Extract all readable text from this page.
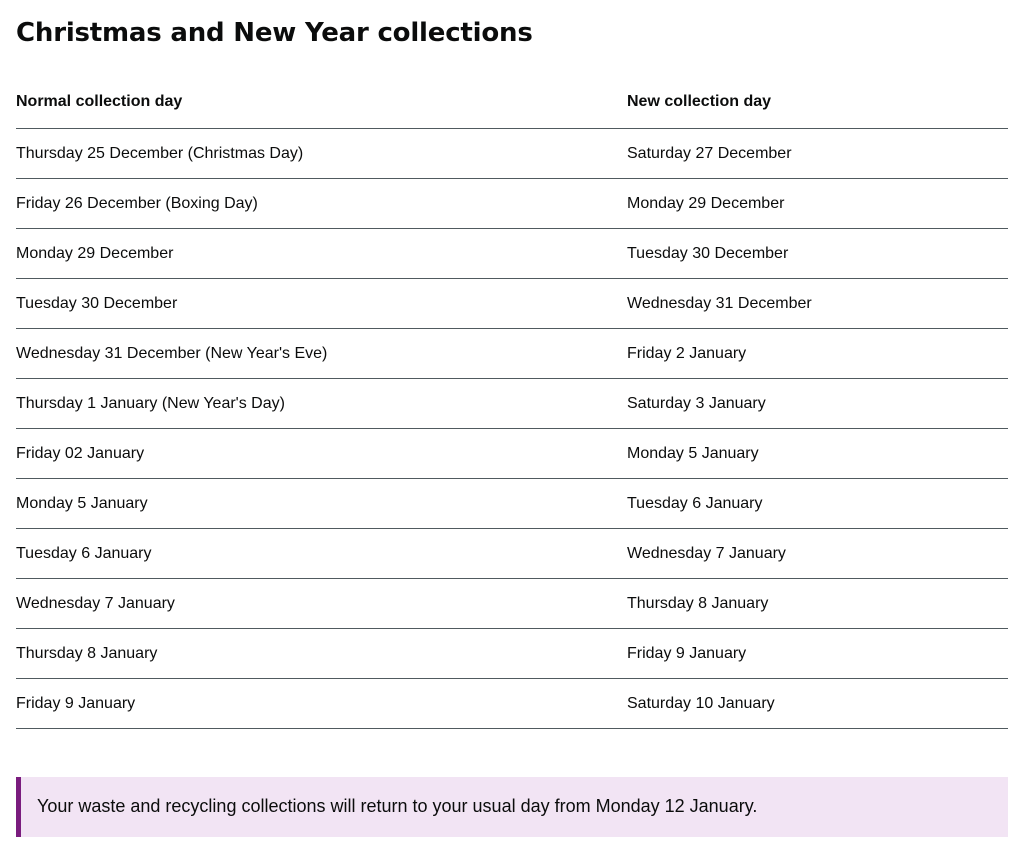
Christmas and New Year collections
Normal collection day	New collection day
Thursday 25 December (Christmas Day)	Saturday 27 December
Friday 26 December (Boxing Day)	Monday 29 December
Monday 29 December	Tuesday 30 December
Tuesday 30 December	Wednesday 31 December
Wednesday 31 December (New Year's Eve)	Friday 2 January
Thursday 1 January (New Year's Day)	Saturday 3 January
Friday 02 January	Monday 5 January
Monday 5 January	Tuesday 6 January
Tuesday 6 January	Wednesday 7 January
Wednesday 7 January	Thursday 8 January
Thursday 8 January	Friday 9 January
Friday 9 January	Saturday 10 January
Your waste and recycling collections will return to your usual day from Monday 12 January.
